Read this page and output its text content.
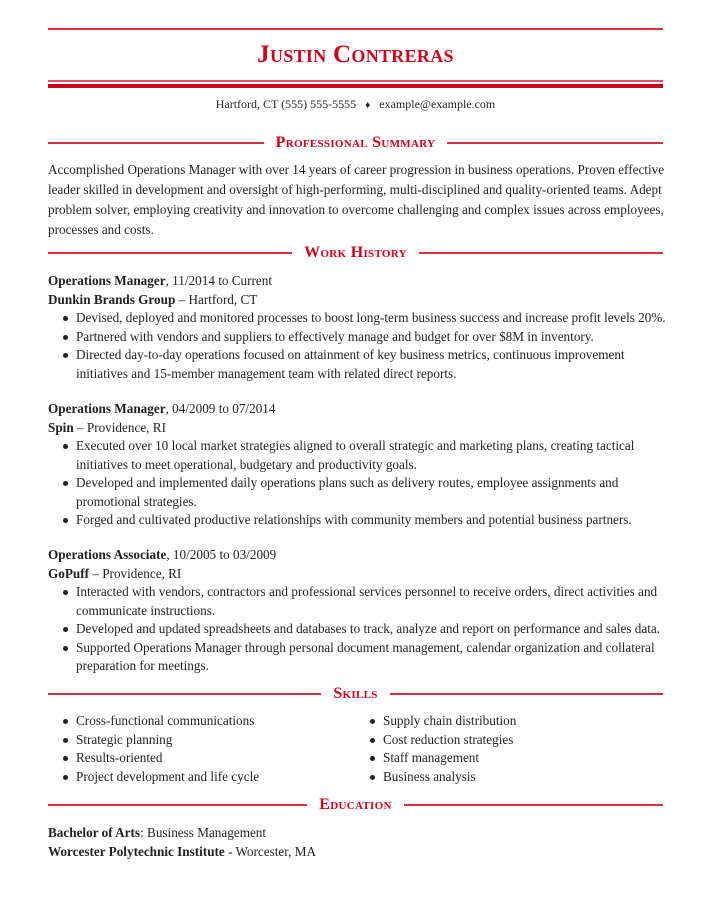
Justin Contreras
Hartford, CT (555) 555-5555 ♦ example@example.com
Professional Summary
Accomplished Operations Manager with over 14 years of career progression in business operations. Proven effective leader skilled in development and oversight of high-performing, multi-disciplined and quality-oriented teams. Adept problem solver, employing creativity and innovation to overcome challenging and complex issues across employees, processes and costs.
Work History
Operations Manager, 11/2014 to Current
Dunkin Brands Group – Hartford, CT
Devised, deployed and monitored processes to boost long-term business success and increase profit levels 20%.
Partnered with vendors and suppliers to effectively manage and budget for over $8M in inventory.
Directed day-to-day operations focused on attainment of key business metrics, continuous improvement initiatives and 15-member management team with related direct reports.
Operations Manager, 04/2009 to 07/2014
Spin – Providence, RI
Executed over 10 local market strategies aligned to overall strategic and marketing plans, creating tactical initiatives to meet operational, budgetary and productivity goals.
Developed and implemented daily operations plans such as delivery routes, employee assignments and promotional strategies.
Forged and cultivated productive relationships with community members and potential business partners.
Operations Associate, 10/2005 to 03/2009
GoPuff – Providence, RI
Interacted with vendors, contractors and professional services personnel to receive orders, direct activities and communicate instructions.
Developed and updated spreadsheets and databases to track, analyze and report on performance and sales data.
Supported Operations Manager through personal document management, calendar organization and collateral preparation for meetings.
Skills
Cross-functional communications
Strategic planning
Results-oriented
Project development and life cycle
Supply chain distribution
Cost reduction strategies
Staff management
Business analysis
Education
Bachelor of Arts: Business Management
Worcester Polytechnic Institute - Worcester, MA
